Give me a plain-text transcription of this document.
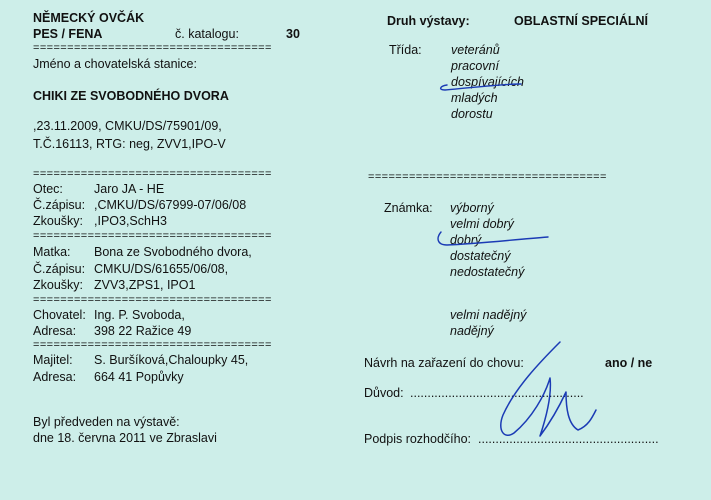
NĚMECKÝ OVČÁK
PES / FENA	č. katalogu:	30
===================================
Jméno a chovatelská stanice:
CHIKI ZE SVOBODNÉHO DVORA
,23.11.2009, CMKU/DS/75901/09,
T.Č.16113, RTG: neg, ZVV1,IPO-V
===================================
Otec: Jaro JA - HE
Č.zápisu: ,CMKU/DS/67999-07/06/08
Zkoušky: ,IPO3,SchH3
===================================
Matka: Bona ze Svobodného dvora,
Č.zápisu: CMKU/DS/61655/06/08,
Zkoušky: ZVV3,ZPS1, IPO1
===================================
Chovatel: Ing. P. Svoboda,
Adresa: 398 22 Ražice 49
===================================
Majitel: S. Buršíková,Chaloupky 45,
Adresa: 664 41 Popůvky
Byl předveden na výstavě:
dne 18. června 2011 ve Zbraslavi
Druh výstavy:	OBLASTNÍ SPECIÁLNÍ
Třída: veteránů
pracovní
dospívajících
mladých
dorostu
===================================
Známka: výborný
velmi dobrý
dobrý
dostatečný
nedostatečný
velmi nadějný
nadějný
Návrh na zařazení do chovu:	ano / ne
Důvod: ..................................................
Podpis rozhodčího: ....................................................
